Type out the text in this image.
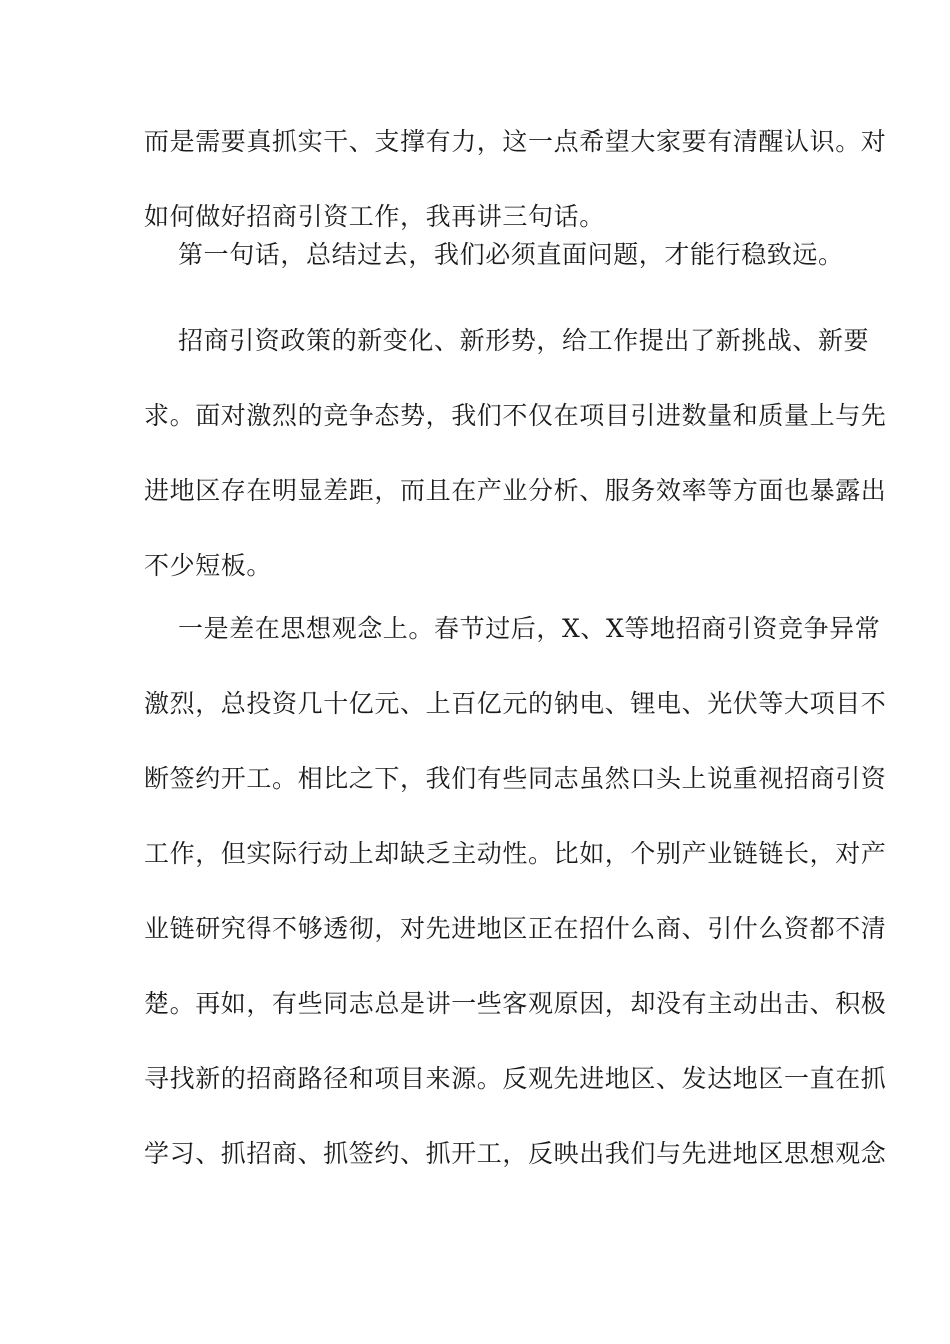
而是需要真抓实干、支撑有力，这一点希望大家要有清醒认识。对
如何做好招商引资工作，我再讲三句话。
第一句话，总结过去，我们必须直面问题，才能行稳致远。
招商引资政策的新变化、新形势，给工作提出了新挑战、新要
求。面对激烈的竞争态势，我们不仅在项目引进数量和质量上与先
进地区存在明显差距，而且在产业分析、服务效率等方面也暴露出
不少短板。
一是差在思想观念上。春节过后，X、X等地招商引资竞争异常
激烈，总投资几十亿元、上百亿元的钠电、锂电、光伏等大项目不
断签约开工。相比之下，我们有些同志虽然口头上说重视招商引资
工作，但实际行动上却缺乏主动性。比如，个别产业链链长，对产
业链研究得不够透彻，对先进地区正在招什么商、引什么资都不清
楚。再如，有些同志总是讲一些客观原因，却没有主动出击、积极
寻找新的招商路径和项目来源。反观先进地区、发达地区一直在抓
学习、抓招商、抓签约、抓开工，反映出我们与先进地区思想观念
